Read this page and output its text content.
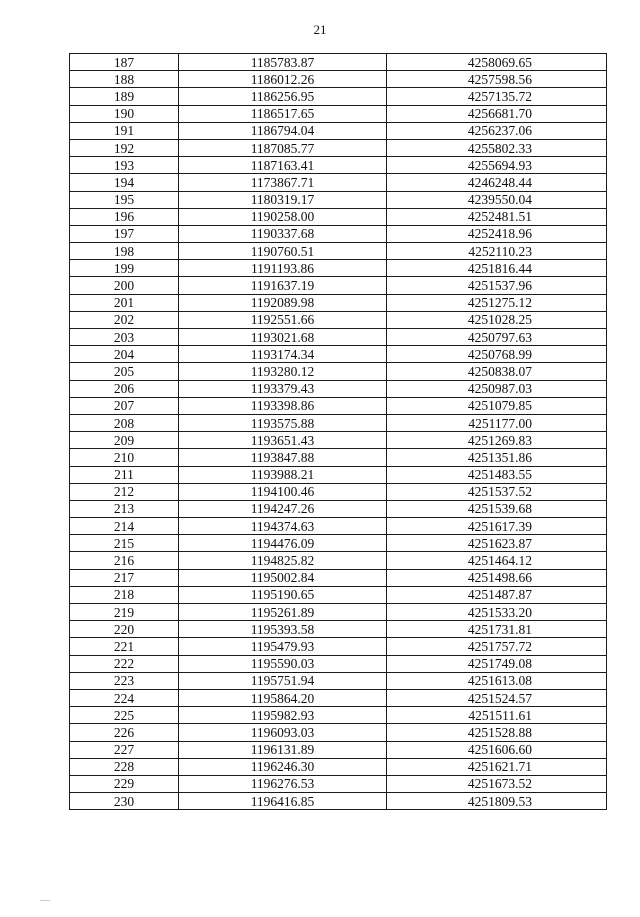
21
187	1185783.87	4258069.65
188	1186012.26	4257598.56
189	1186256.95	4257135.72
190	1186517.65	4256681.70
191	1186794.04	4256237.06
192	1187085.77	4255802.33
193	1187163.41	4255694.93
194	1173867.71	4246248.44
195	1180319.17	4239550.04
196	1190258.00	4252481.51
197	1190337.68	4252418.96
198	1190760.51	4252110.23
199	1191193.86	4251816.44
200	1191637.19	4251537.96
201	1192089.98	4251275.12
202	1192551.66	4251028.25
203	1193021.68	4250797.63
204	1193174.34	4250768.99
205	1193280.12	4250838.07
206	1193379.43	4250987.03
207	1193398.86	4251079.85
208	1193575.88	4251177.00
209	1193651.43	4251269.83
210	1193847.88	4251351.86
211	1193988.21	4251483.55
212	1194100.46	4251537.52
213	1194247.26	4251539.68
214	1194374.63	4251617.39
215	1194476.09	4251623.87
216	1194825.82	4251464.12
217	1195002.84	4251498.66
218	1195190.65	4251487.87
219	1195261.89	4251533.20
220	1195393.58	4251731.81
221	1195479.93	4251757.72
222	1195590.03	4251749.08
223	1195751.94	4251613.08
224	1195864.20	4251524.57
225	1195982.93	4251511.61
226	1196093.03	4251528.88
227	1196131.89	4251606.60
228	1196246.30	4251621.71
229	1196276.53	4251673.52
230	1196416.85	4251809.53
